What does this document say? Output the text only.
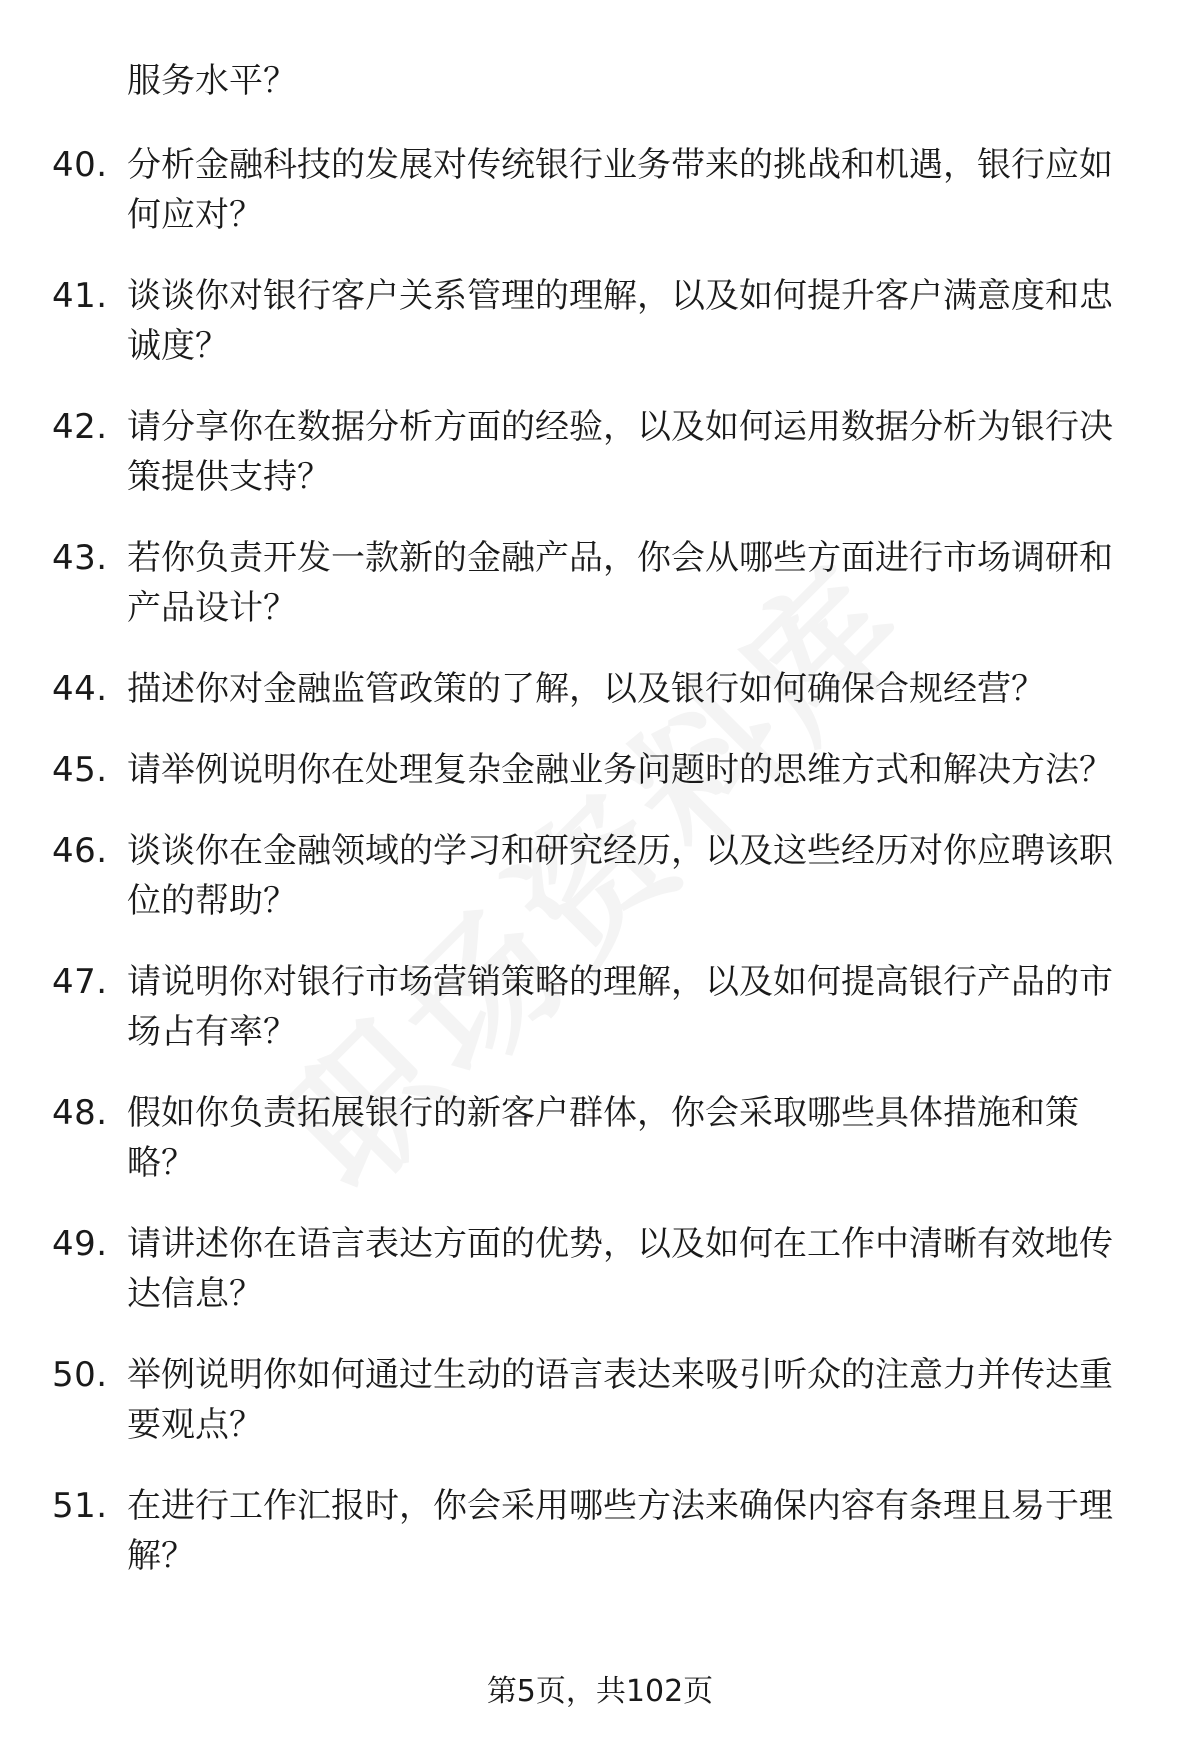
服务水平？
40. 分析金融科技的发展对传统银行业务带来的挑战和机遇，银行应如何应对？
41. 谈谈你对银行客户关系管理的理解，以及如何提升客户满意度和忠诚度？
42. 请分享你在数据分析方面的经验，以及如何运用数据分析为银行决策提供支持？
43. 若你负责开发一款新的金融产品，你会从哪些方面进行市场调研和产品设计？
44. 描述你对金融监管政策的了解，以及银行如何确保合规经营？
45. 请举例说明你在处理复杂金融业务问题时的思维方式和解决方法？
46. 谈谈你在金融领域的学习和研究经历，以及这些经历对你应聘该职位的帮助？
47. 请说明你对银行市场营销策略的理解，以及如何提高银行产品的市场占有率？
48. 假如你负责拓展银行的新客户群体，你会采取哪些具体措施和策略？
49. 请讲述你在语言表达方面的优势，以及如何在工作中清晰有效地传达信息？
50. 举例说明你如何通过生动的语言表达来吸引听众的注意力并传达重要观点？
51. 在进行工作汇报时，你会采用哪些方法来确保内容有条理且易于理解？
第5页，共102页
